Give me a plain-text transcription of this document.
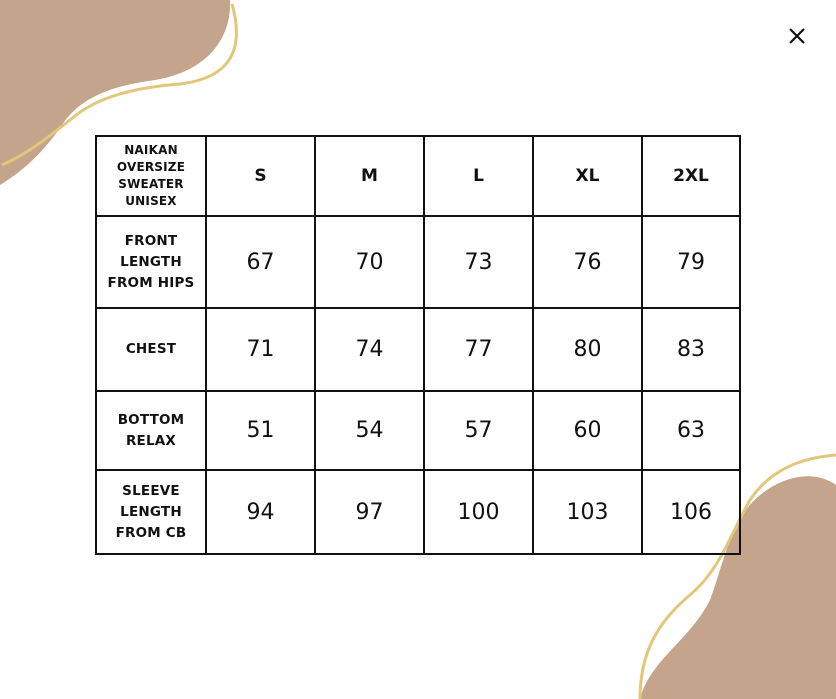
NAIKAN
OVERSIZE
SWEATER
UNISEX	S	M	L	XL	2XL

FRONT
LENGTH
FROM HIPS	67	70	73	76	79

CHEST	71	74	77	80	83

BOTTOM
RELAX	51	54	57	60	63

SLEEVE
LENGTH
FROM CB	94	97	100	103	106
